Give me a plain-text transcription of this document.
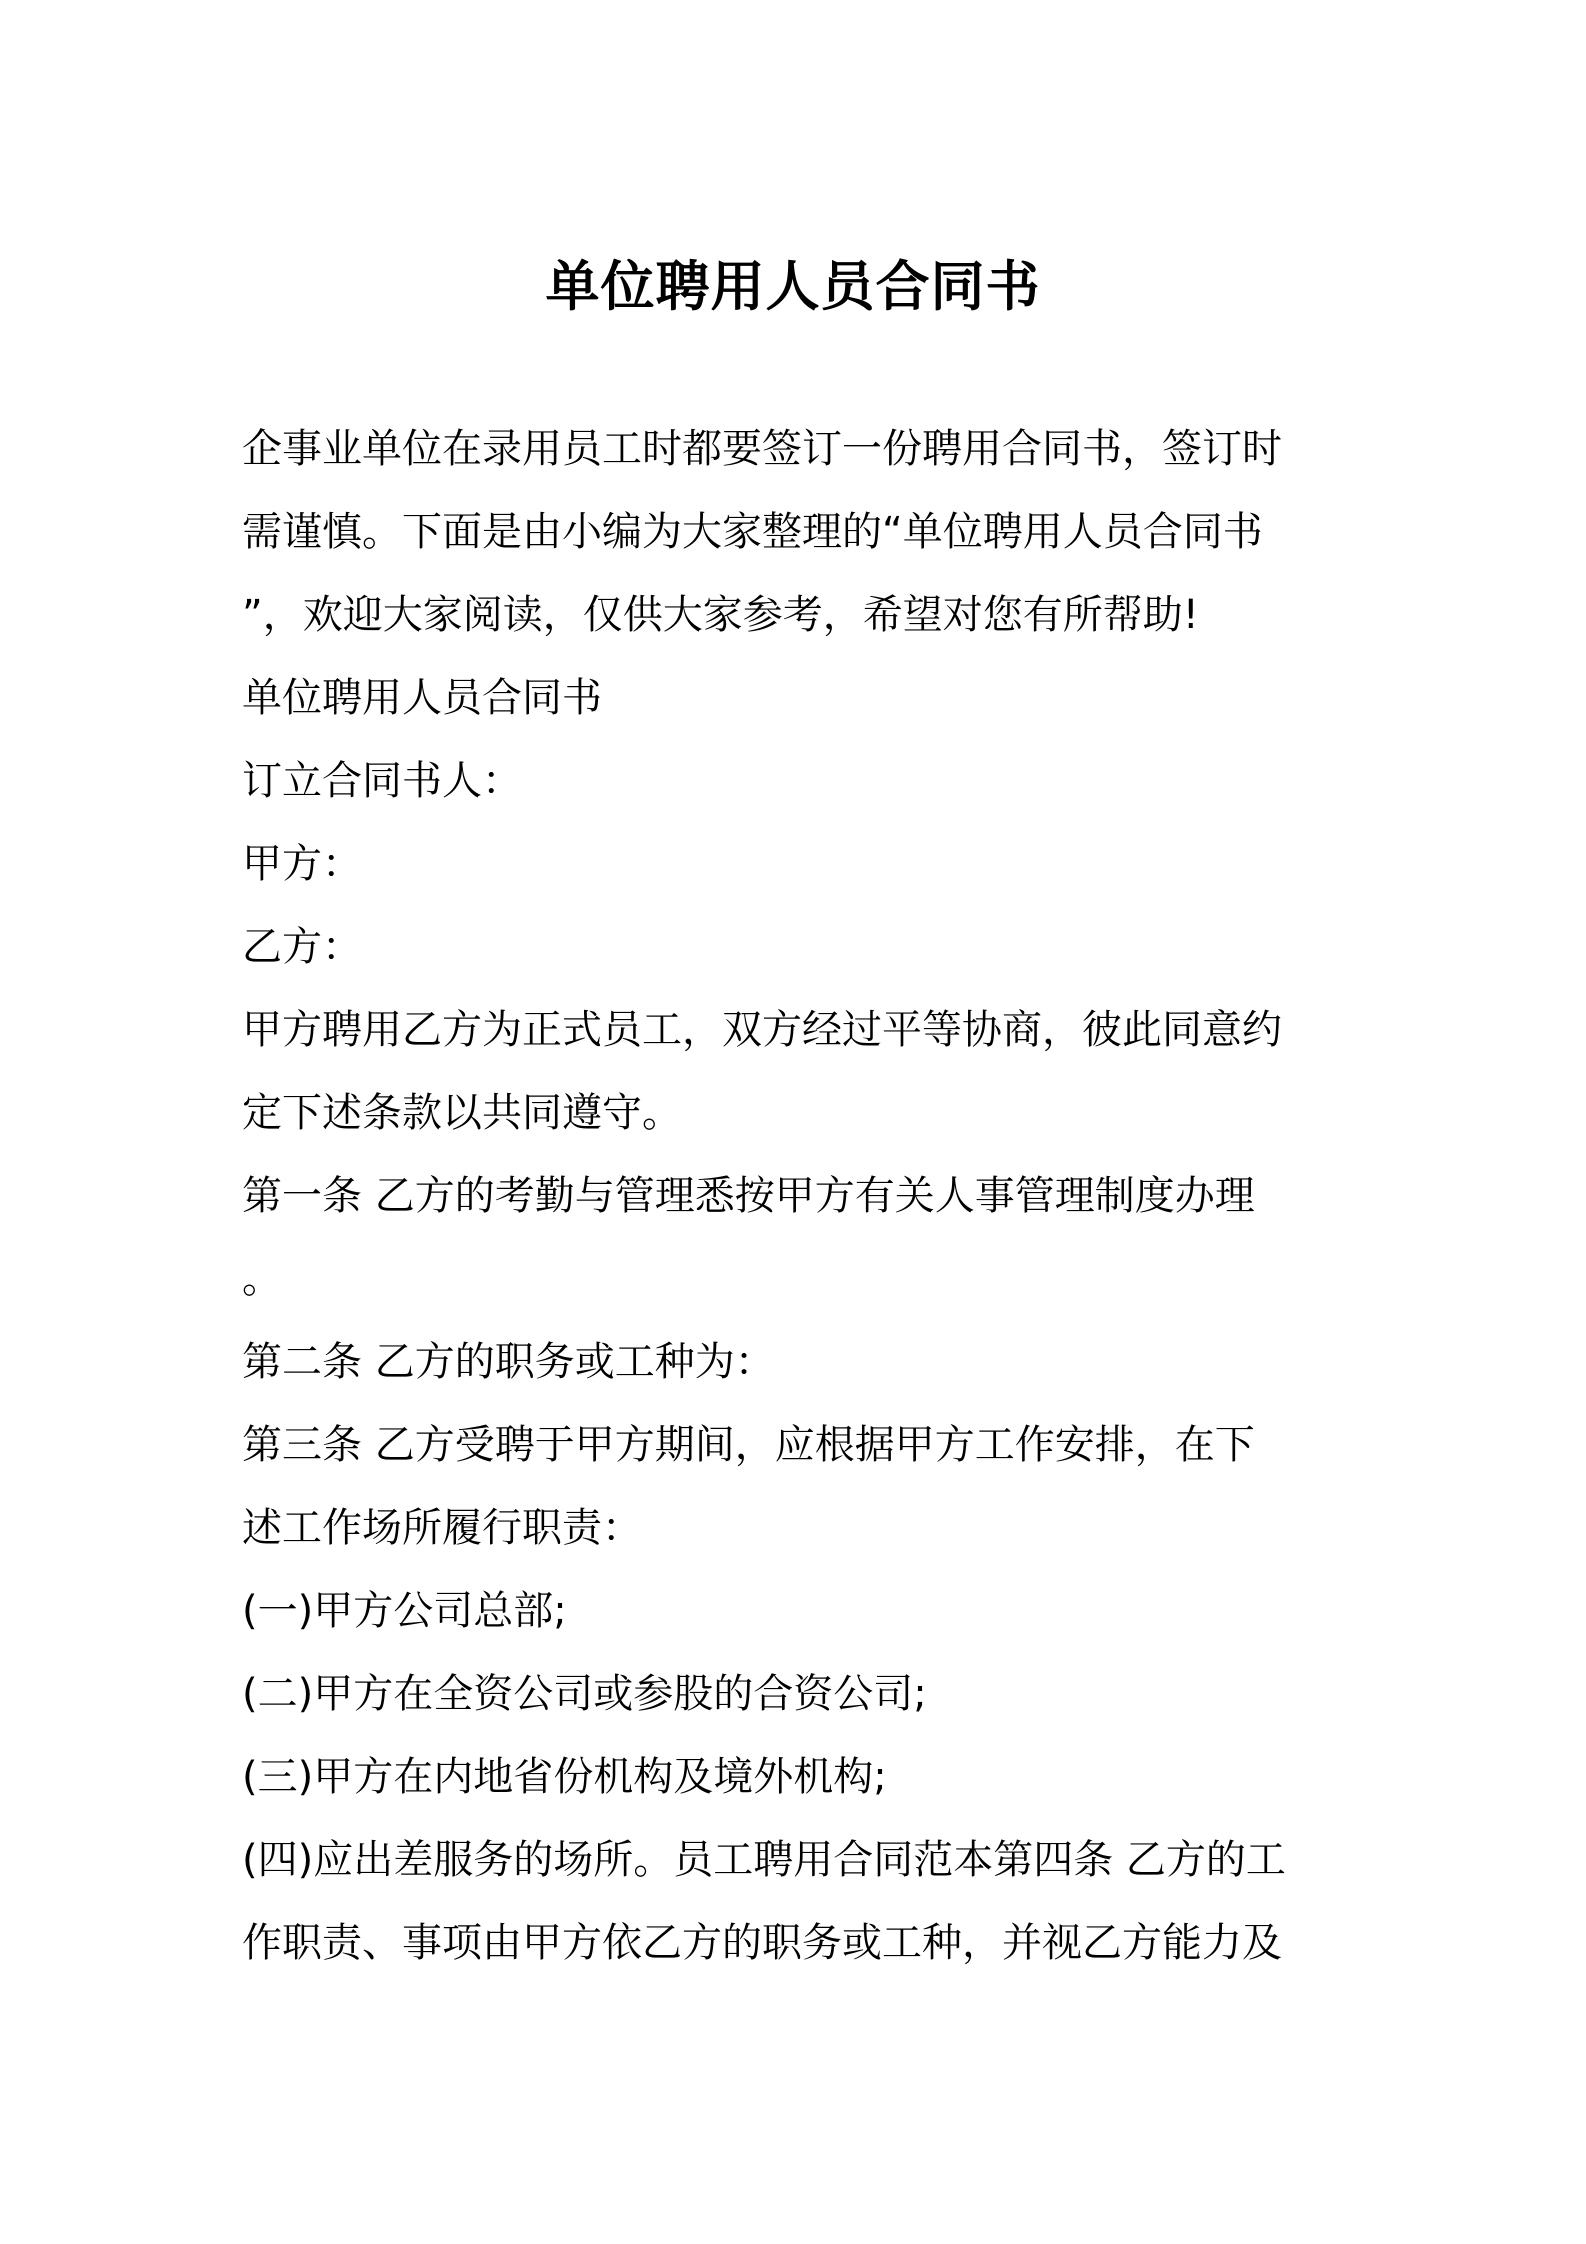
单位聘用人员合同书
企事业单位在录用员工时都要签订一份聘用合同书，签订时
需谨慎。下面是由小编为大家整理的“单位聘用人员合同书
”，欢迎大家阅读，仅供大家参考，希望对您有所帮助!
单位聘用人员合同书
订立合同书人：
甲方：
乙方：
甲方聘用乙方为正式员工，双方经过平等协商，彼此同意约
定下述条款以共同遵守。
第一条 乙方的考勤与管理悉按甲方有关人事管理制度办理
。
第二条 乙方的职务或工种为：
第三条 乙方受聘于甲方期间，应根据甲方工作安排，在下
述工作场所履行职责：
(一)甲方公司总部;
(二)甲方在全资公司或参股的合资公司;
(三)甲方在内地省份机构及境外机构;
(四)应出差服务的场所。员工聘用合同范本第四条 乙方的工
作职责、事项由甲方依乙方的职务或工种，并视乙方能力及
